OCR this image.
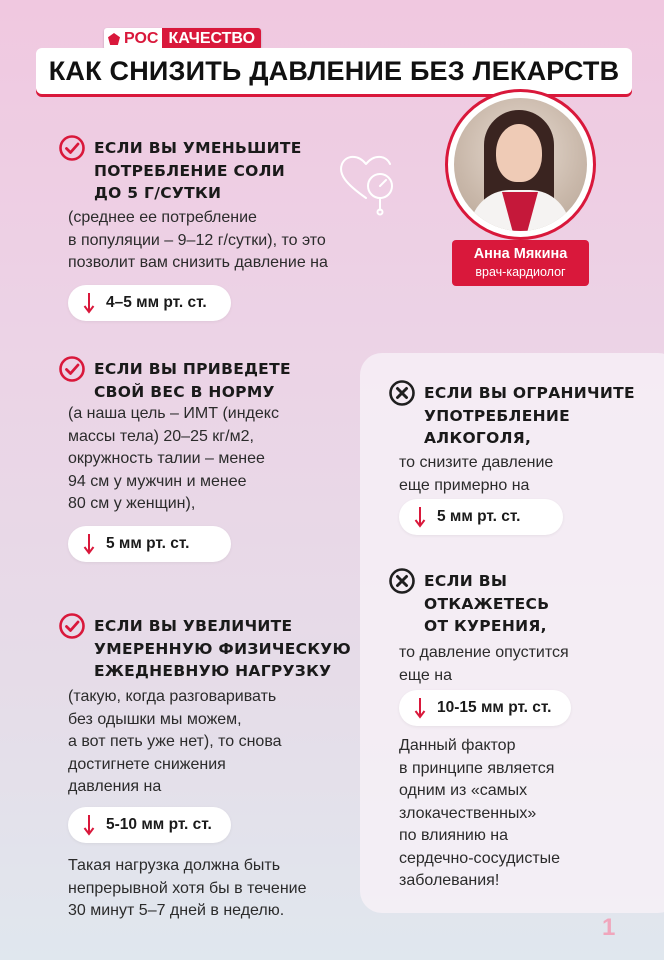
РОС КАЧЕСТВО
КАК СНИЗИТЬ ДАВЛЕНИЕ БЕЗ ЛЕКАРСТВ
Анна Мякина
врач-кардиолог
ЕСЛИ ВЫ УМЕНЬШИТЕ
ПОТРЕБЛЕНИЕ СОЛИ
ДО 5 Г/СУТКИ
(среднее ее потребление
в популяции – 9–12 г/сутки), то это
позволит вам снизить давление на
4–5 мм рт. ст.
ЕСЛИ ВЫ ПРИВЕДЕТЕ
СВОЙ ВЕС В НОРМУ
(а наша цель – ИМТ (индекс
массы тела) 20–25 кг/м2,
окружность талии – менее
94 см у мужчин и менее
80 см у женщин),
5 мм рт. ст.
ЕСЛИ ВЫ УВЕЛИЧИТЕ
УМЕРЕННУЮ ФИЗИЧЕСКУЮ
ЕЖЕДНЕВНУЮ НАГРУЗКУ
(такую, когда разговаривать
без одышки мы можем,
а вот петь уже нет), то снова
достигнете снижения
давления на
5-10 мм рт. ст.
Такая нагрузка должна быть
непрерывной хотя бы в течение
30 минут 5–7 дней в неделю.
ЕСЛИ ВЫ ОГРАНИЧИТЕ
УПОТРЕБЛЕНИЕ
АЛКОГОЛЯ,
то снизите давление
еще примерно на
5 мм рт. ст.
ЕСЛИ ВЫ
ОТКАЖЕТЕСЬ
ОТ КУРЕНИЯ,
то давление опустится
еще на
10-15 мм рт. ст.
Данный фактор
в принципе является
одним из «самых
злокачественных»
по влиянию на
сердечно-сосудистые
заболевания!
1
